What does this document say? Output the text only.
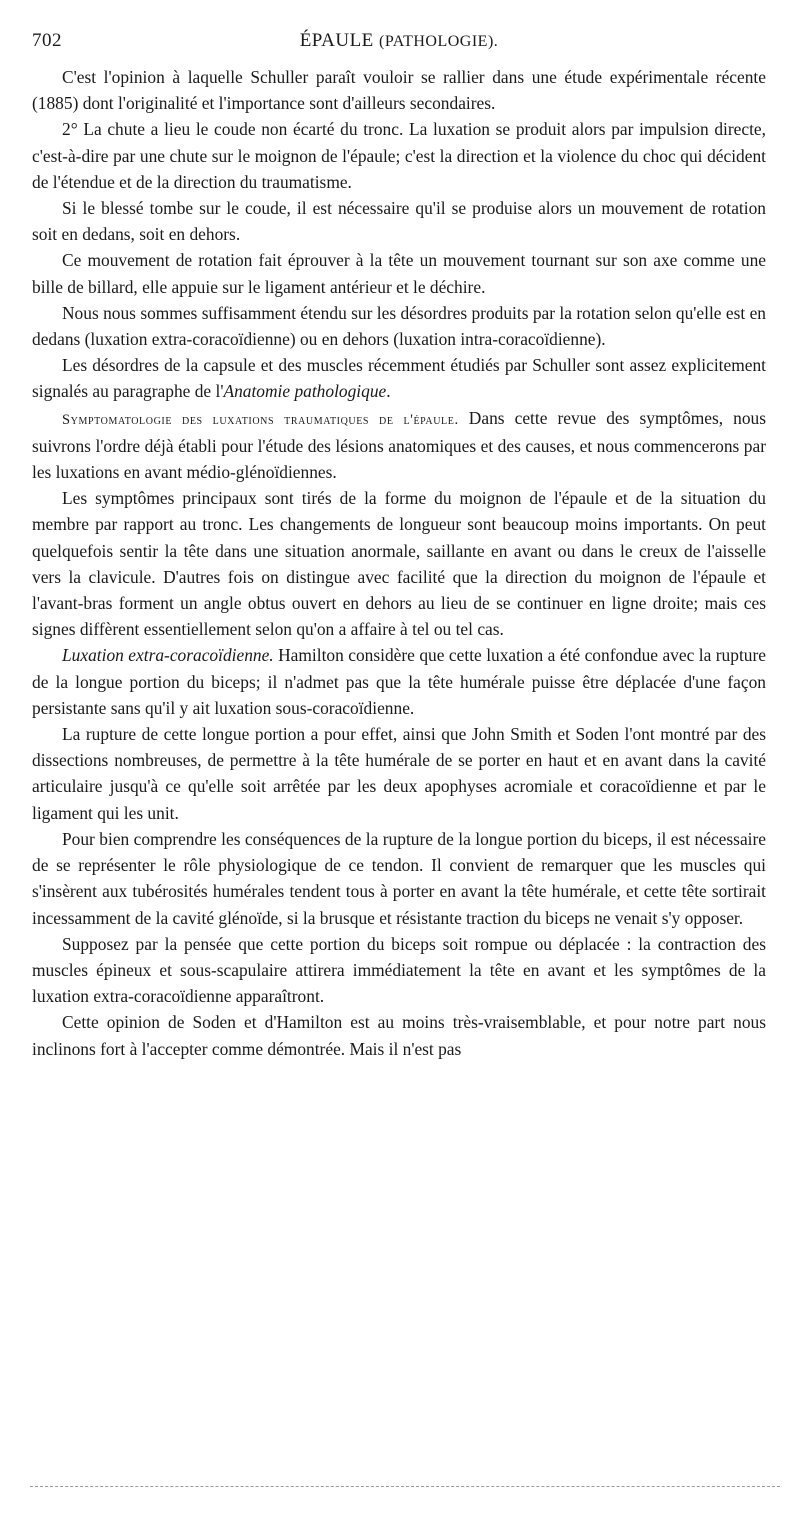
702	ÉPAULE (PATHOLOGIE).

C'est l'opinion à laquelle Schuller paraît vouloir se rallier dans une étude expérimentale récente (1885) dont l'originalité et l'importance sont d'ailleurs secondaires.

2° La chute a lieu le coude non écarté du tronc. La luxation se produit alors par impulsion directe, c'est-à-dire par une chute sur le moignon de l'épaule; c'est la direction et la violence du choc qui décident de l'étendue et de la direction du traumatisme.

Si le blessé tombe sur le coude, il est nécessaire qu'il se produise alors un mouvement de rotation soit en dedans, soit en dehors.

Ce mouvement de rotation fait éprouver à la tête un mouvement tournant sur son axe comme une bille de billard, elle appuie sur le ligament antérieur et le déchire.

Nous nous sommes suffisamment étendu sur les désordres produits par la rotation selon qu'elle est en dedans (luxation extra-coracoïdienne) ou en dehors (luxation intra-coracoïdienne).

Les désordres de la capsule et des muscles récemment étudiés par Schuller sont assez explicitement signalés au paragraphe de l'Anatomie pathologique.

Symptomatologie des luxations traumatiques de l'épaule. Dans cette revue des symptômes, nous suivrons l'ordre déjà établi pour l'étude des lésions anatomiques et des causes, et nous commencerons par les luxations en avant médio-glénoïdiennes.

Les symptômes principaux sont tirés de la forme du moignon de l'épaule et de la situation du membre par rapport au tronc. Les changements de longueur sont beaucoup moins importants. On peut quelquefois sentir la tête dans une situation anormale, saillante en avant ou dans le creux de l'aisselle vers la clavicule. D'autres fois on distingue avec facilité que la direction du moignon de l'épaule et l'avant-bras forment un angle obtus ouvert en dehors au lieu de se continuer en ligne droite; mais ces signes diffèrent essentiellement selon qu'on a affaire à tel ou tel cas.

Luxation extra-coracoïdienne. Hamilton considère que cette luxation a été confondue avec la rupture de la longue portion du biceps; il n'admet pas que la tête humérale puisse être déplacée d'une façon persistante sans qu'il y ait luxation sous-coracoïdienne.

La rupture de cette longue portion a pour effet, ainsi que John Smith et Soden l'ont montré par des dissections nombreuses, de permettre à la tête humérale de se porter en haut et en avant dans la cavité articulaire jusqu'à ce qu'elle soit arrêtée par les deux apophyses acromiale et coracoïdienne et par le ligament qui les unit.

Pour bien comprendre les conséquences de la rupture de la longue portion du biceps, il est nécessaire de se représenter le rôle physiologique de ce tendon. Il convient de remarquer que les muscles qui s'insèrent aux tubérosités humérales tendent tous à porter en avant la tête humérale, et cette tête sortirait incessamment de la cavité glénoïde, si la brusque et résistante traction du biceps ne venait s'y opposer.

Supposez par la pensée que cette portion du biceps soit rompue ou déplacée : la contraction des muscles épineux et sous-scapulaire attirera immédiatement la tête en avant et les symptômes de la luxation extra-coracoïdienne apparaîtront.

Cette opinion de Soden et d'Hamilton est au moins très-vraisemblable, et pour notre part nous inclinons fort à l'accepter comme démontrée. Mais il n'est pas
